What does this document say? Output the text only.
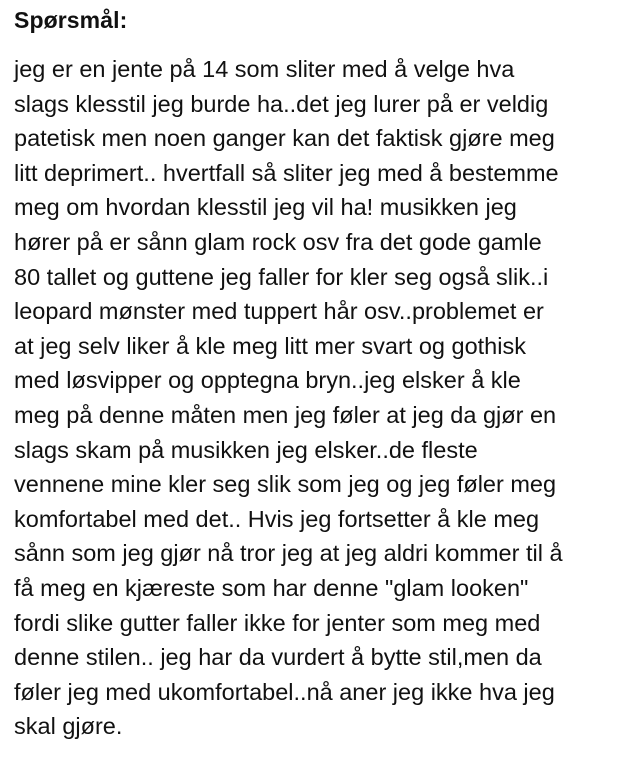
Spørsmål:
jeg er en jente på 14 som sliter med å velge hva
slags klesstil jeg burde ha..det jeg lurer på er veldig
patetisk men noen ganger kan det faktisk gjøre meg
litt deprimert.. hvertfall så sliter jeg med å bestemme
meg om hvordan klesstil jeg vil ha! musikken jeg
hører på er sånn glam rock osv fra det gode gamle
80 tallet og guttene jeg faller for kler seg også slik..i
leopard mønster med tuppert hår osv..problemet er
at jeg selv liker å kle meg litt mer svart og gothisk
med løsvipper og opptegna bryn..jeg elsker å kle
meg på denne måten men jeg føler at jeg da gjør en
slags skam på musikken jeg elsker..de fleste
vennene mine kler seg slik som jeg og jeg føler meg
komfortabel med det.. Hvis jeg fortsetter å kle meg
sånn som jeg gjør nå tror jeg at jeg aldri kommer til å
få meg en kjæreste som har denne "glam looken"
fordi slike gutter faller ikke for jenter som meg med
denne stilen.. jeg har da vurdert å bytte stil,men da
føler jeg med ukomfortabel..nå aner jeg ikke hva jeg
skal gjøre.
